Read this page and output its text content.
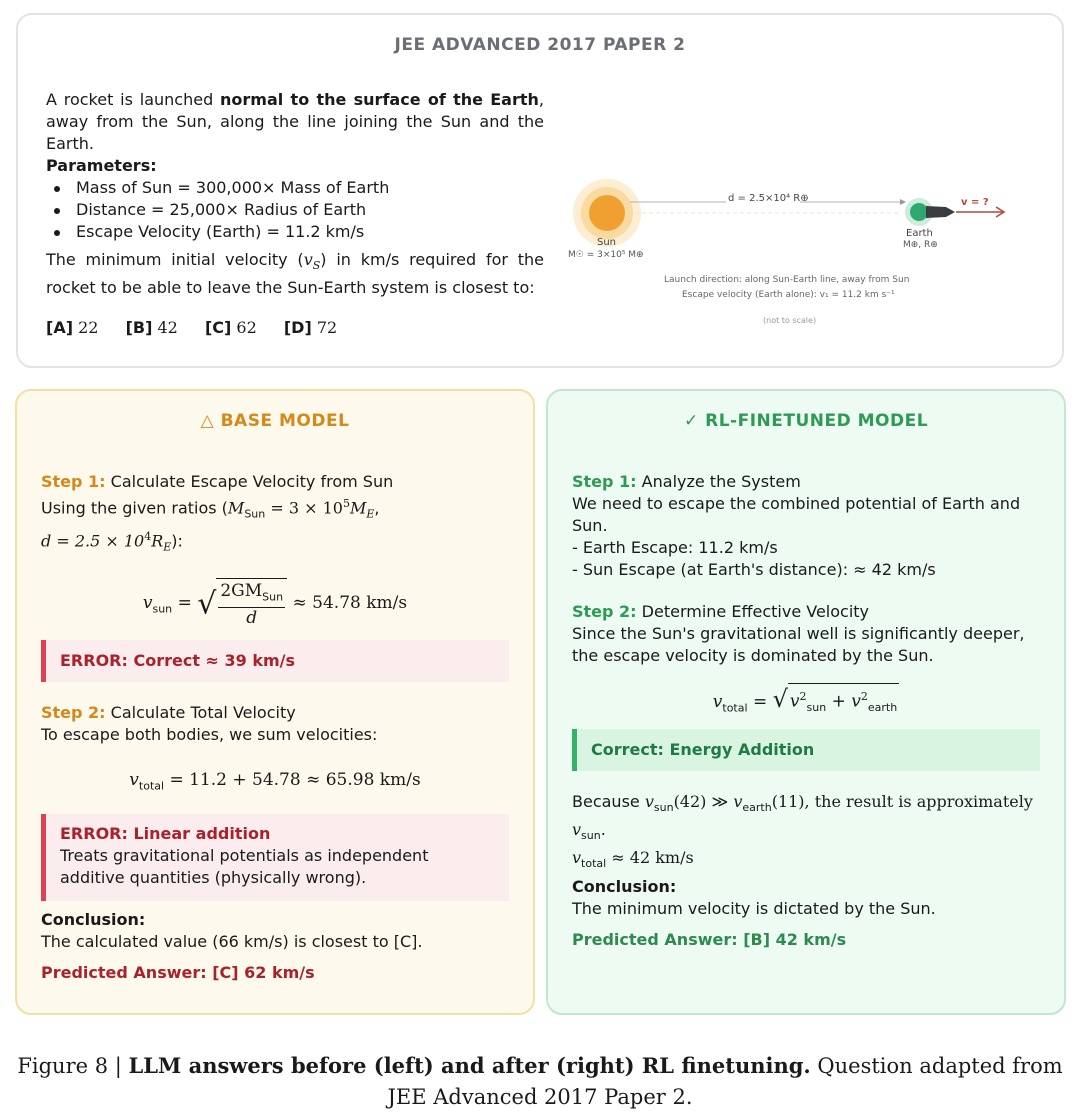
JEE ADVANCED 2017 PAPER 2

A rocket is launched normal to the surface of the Earth, away from the Sun, along the line joining the Sun and the Earth.

Parameters:

Mass of Sun = 300,000× Mass of Earth
Distance = 25,000× Radius of Earth
Escape Velocity (Earth) = 11.2 km/s

The minimum initial velocity $(v_S)$ in km/s required for the rocket to be able to leave the Sun-Earth system is closest to:

[A] 22 [B] 42 [C] 62 [D] 72
d = 2.5×10⁴ R⊕
Sun
M☉ = 3×10⁵ M⊕
Earth
M⊕, R⊕
v = ?
Launch direction: along Sun-Earth line, away from Sun
Escape velocity (Earth alone): v₁ = 11.2 km s⁻¹
(not to scale)
△ BASE MODEL

Step 1: Calculate Escape Velocity from Sun

Using the given ratios ($M_{Sun} = 3 \times 10^5M_E$,
$d = 2.5 \times 10^4R_E$):

$v_{sun}$ = √ $\frac{2GM_{Sun}}{d} \approx 54.78$ km/s
ERROR: Correct ≈ 39 km/s

Step 2: Calculate Total Velocity

To escape both bodies, we sum velocities:

$v_{total} = 11.2 + 54.78 \approx 65.98$ km/s
ERROR: Linear addition
Treats gravitational potentials as independent additive quantities (physically wrong).

Conclusion:

The calculated value (66 km/s) is closest to [C].

Predicted Answer: [C] 62 km/s

✓ RL-FINETUNED MODEL

Step 1: Analyze the System

We need to escape the combined potential of Earth and Sun.

- Earth Escape: 11.2 km/s

- Sun Escape (at Earth's distance): ≈ 42 km/s

Step 2: Determine Effective Velocity

Since the Sun's gravitational well is significantly deeper, the escape velocity is dominated by the Sun.

$v_{total}$ = √ $v^2_{sun} + v^2_{earth}$
Correct: Energy Addition

Because $v_{sun}(42)$ ≫ $v_{earth}(11)$, the result is approximately
$v_{sun}$.

$v_{total} \approx 42$ km/s

Conclusion:

The minimum velocity is dictated by the Sun.

Predicted Answer: [B] 42 km/s

Figure 8 | LLM answers before (left) and after (right) RL finetuning. Question adapted from JEE Advanced 2017 Paper 2.
